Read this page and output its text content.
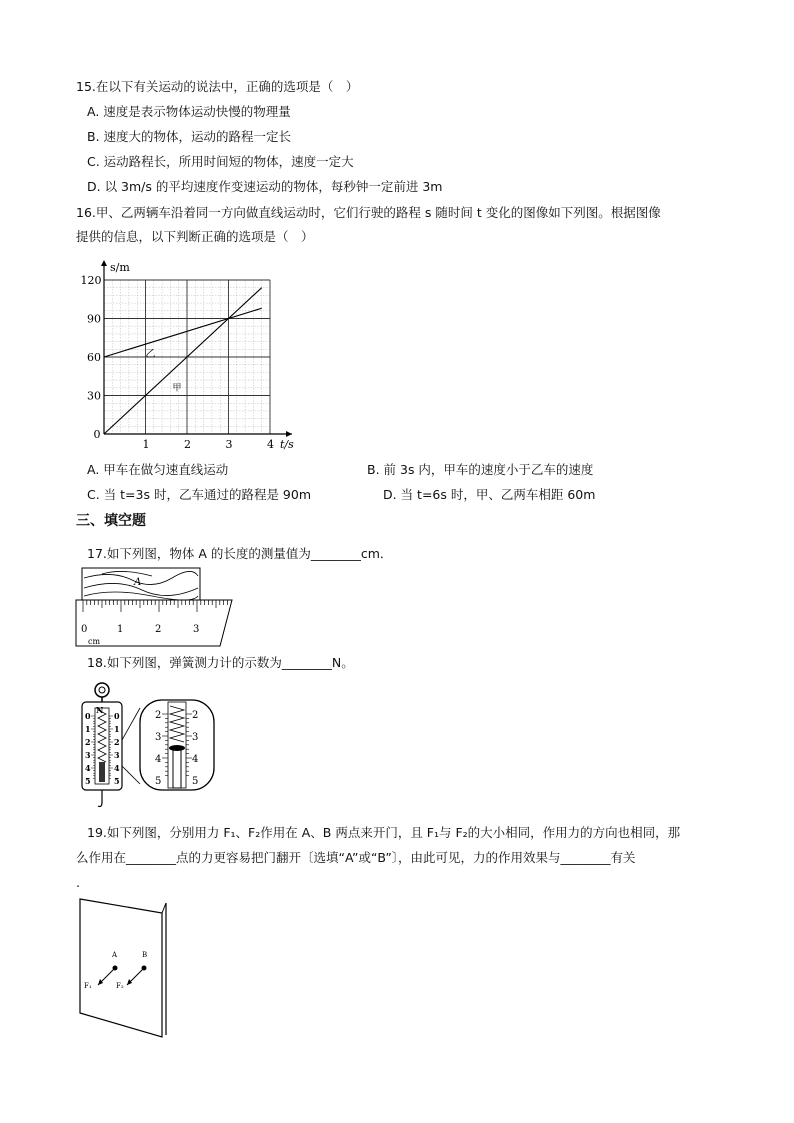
15.在以下有关运动的说法中，正确的选项是（　）
A. 速度是表示物体运动快慢的物理量
B. 速度大的物体，运动的路程一定长
C. 运动路程长，所用时间短的物体，速度一定大
D. 以 3m/s 的平均速度作变速运动的物体，每秒钟一定前进 3m
16.甲、乙两辆车沿着同一方向做直线运动时，它们行驶的路程 s 随时间 t 变化的图像如下列图。根据图像
提供的信息，以下判断正确的选项是（　）
1	2	3	4
0
30
60
90
120
s/m
t/s
甲
乙
A. 甲车在做匀速直线运动	B. 前 3s 内，甲车的速度小于乙车的速度
C. 当 t=3s 时，乙车通过的路程是 90m	D. 当 t=6s 时，甲、乙两车相距 60m
三、填空题
17.如下列图，物体 A 的长度的测量值为________cm．
A
0	1	2	3
cm
18.如下列图，弹簧测力计的示数为________N。
N
0	0
1	1
2	2
3	3
4	4
5	5
2	2
3	3
4	4
5	5
19.如下列图，分别用力 F₁、F₂作用在 A、B 两点来开门，且 F₁与 F₂的大小相同，作用力的方向也相同，那
么作用在________点的力更容易把门翻开〔选填“A”或“B”〕，由此可见，力的作用效果与________有关
.
A	B
F₁	F₂
